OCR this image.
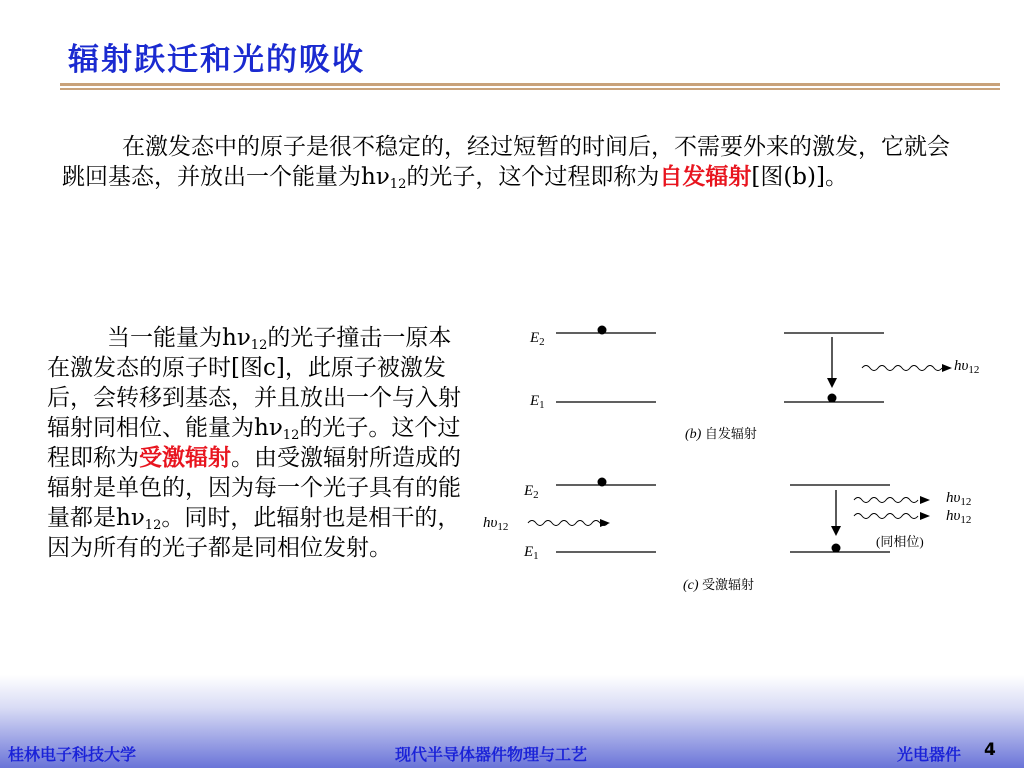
辐射跃迁和光的吸收
在激发态中的原子是很不稳定的，经过短暂的时间后，不需要外来的激发，它就会跳回基态，并放出一个能量为$h\nu_{12}$的光子，这个过程即称为自发辐射[图(b)]。
当一能量为$h\nu_{12}$的光子撞击一原本在激发态的原子时[图c]，此原子被激发后，会转移到基态，并且放出一个与入射辐射同相位、能量为$h\nu_{12}$的光子。这个过程即称为受激辐射。由受激辐射所造成的辐射是单色的，因为每一个光子具有的能量都是$h\nu_{12}$。同时，此辐射也是相干的，因为所有的光子都是同相位发射。
$E_2$
$E_1$
$h\upsilon_{12}$
(b) 自发辐射
$E_2$
$E_1$
$h\upsilon_{12}$
$h\upsilon_{12}$
$h\upsilon_{12}$
(同相位)
(c) 受激辐射
桂林电子科技大学	现代半导体器件物理与工艺	光电器件 4
